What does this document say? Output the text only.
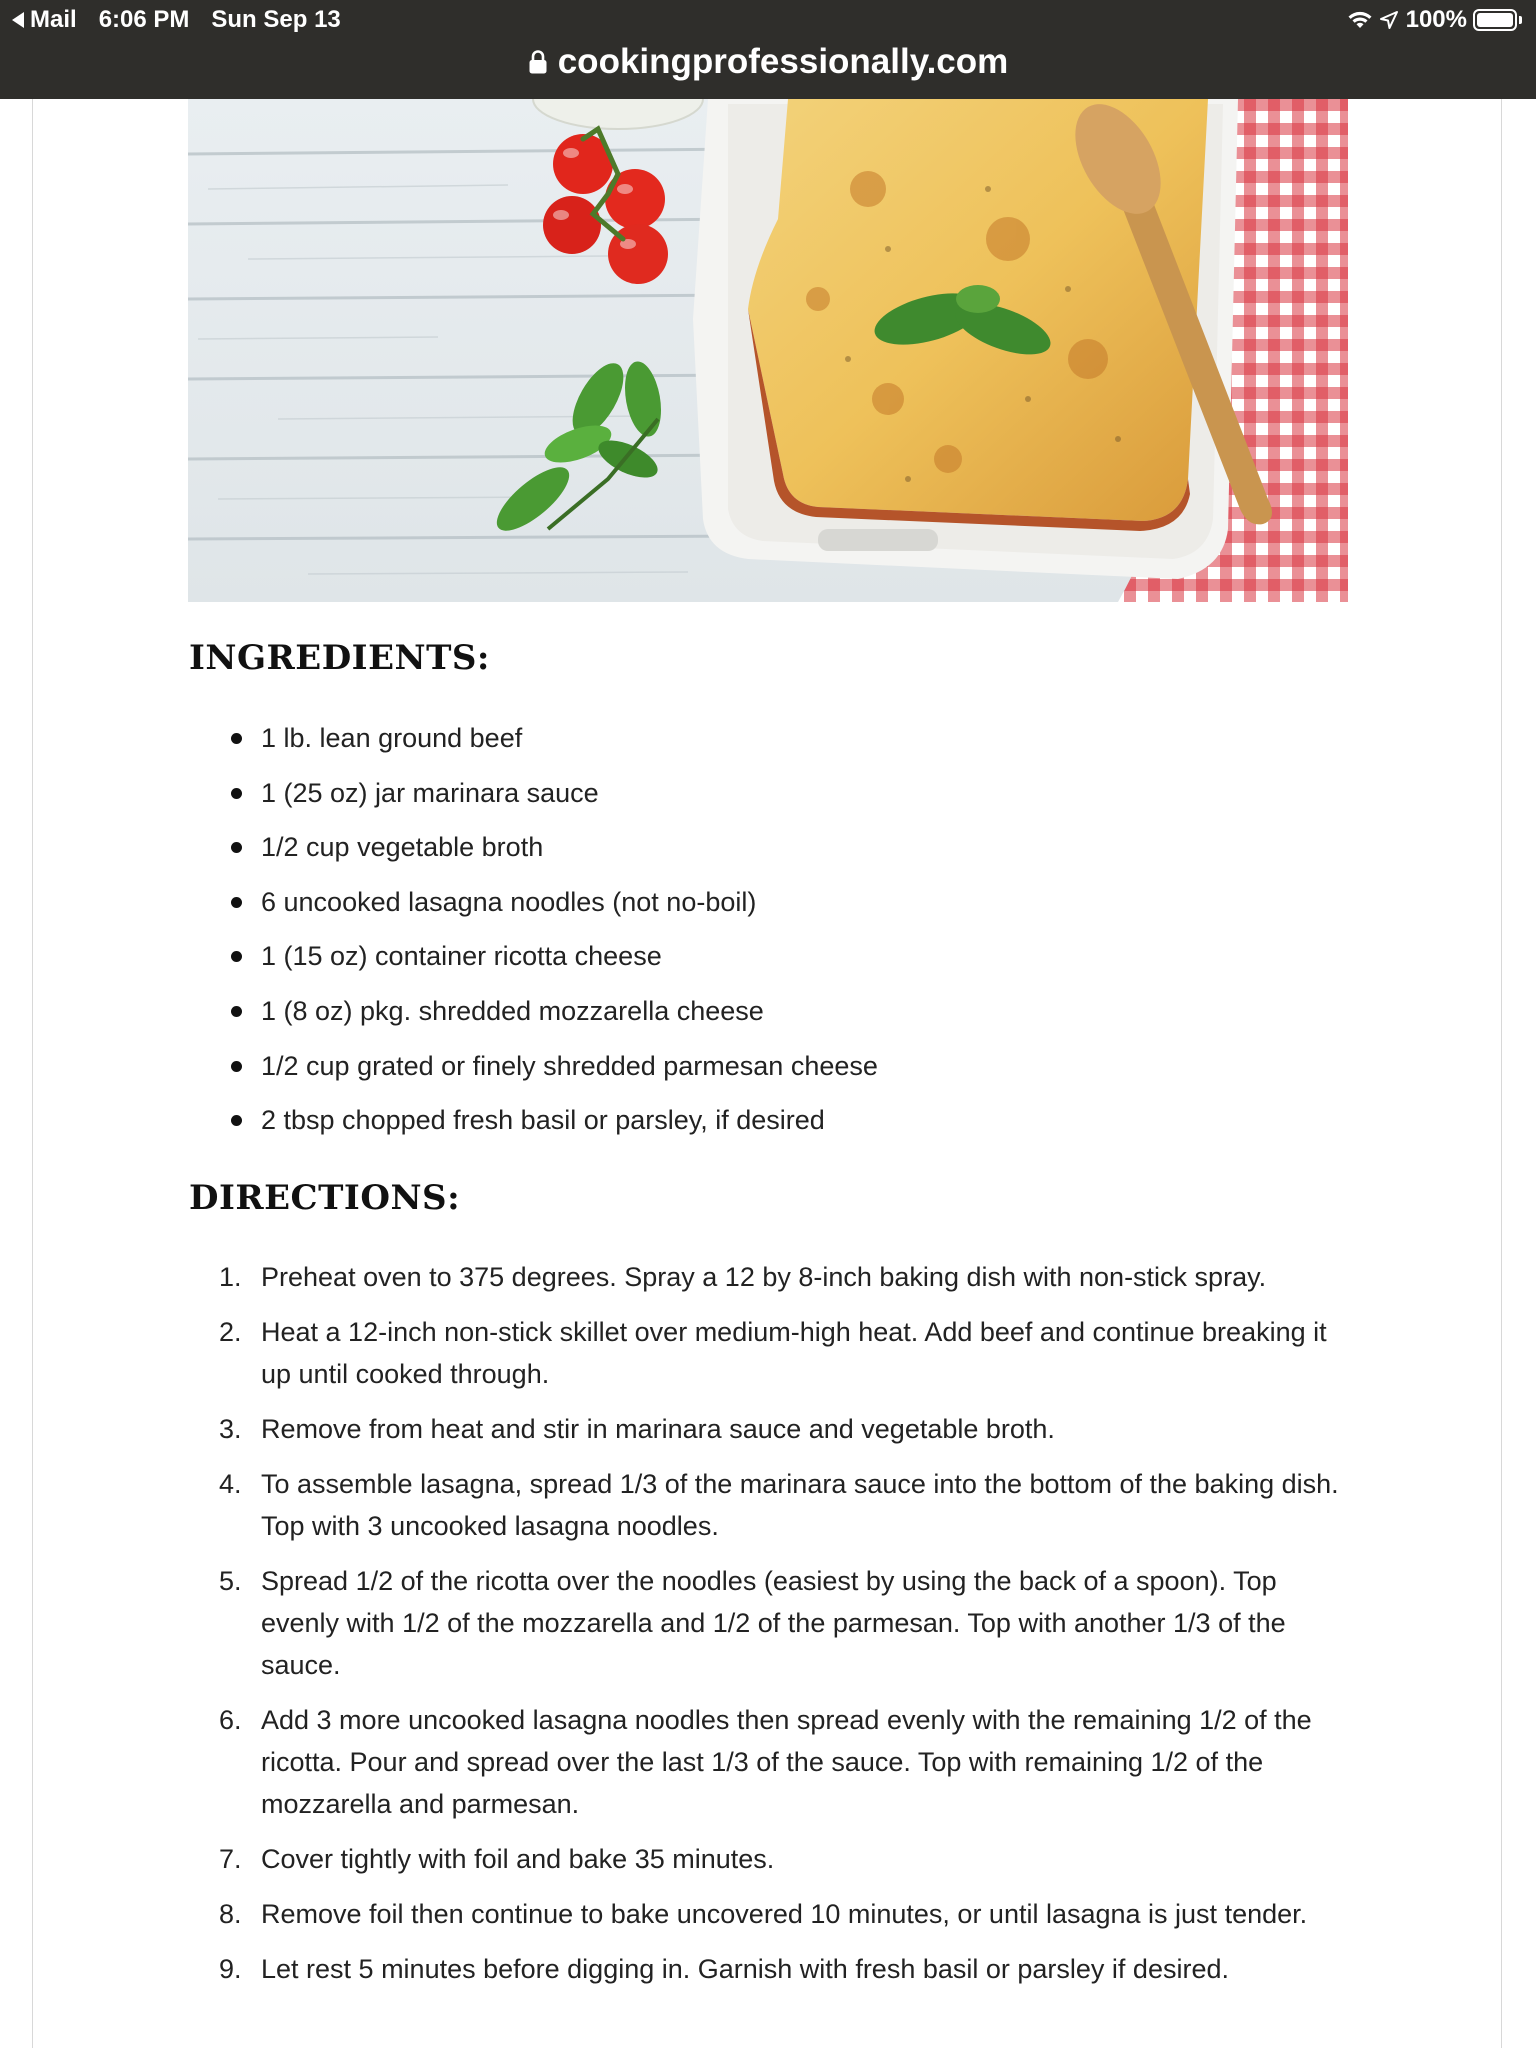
Mail 6:06 PM Sun Sep 13	100%
cookingprofessionally.com
INGREDIENTS:
1 lb. lean ground beef
1 (25 oz) jar marinara sauce
1/2 cup vegetable broth
6 uncooked lasagna noodles (not no-boil)
1 (15 oz) container ricotta cheese
1 (8 oz) pkg. shredded mozzarella cheese
1/2 cup grated or finely shredded parmesan cheese
2 tbsp chopped fresh basil or parsley, if desired
DIRECTIONS:
1. Preheat oven to 375 degrees. Spray a 12 by 8-inch baking dish with non-stick spray.
2. Heat a 12-inch non-stick skillet over medium-high heat. Add beef and continue breaking it up until cooked through.
3. Remove from heat and stir in marinara sauce and vegetable broth.
4. To assemble lasagna, spread 1/3 of the marinara sauce into the bottom of the baking dish. Top with 3 uncooked lasagna noodles.
5. Spread 1/2 of the ricotta over the noodles (easiest by using the back of a spoon). Top evenly with 1/2 of the mozzarella and 1/2 of the parmesan. Top with another 1/3 of the sauce.
6. Add 3 more uncooked lasagna noodles then spread evenly with the remaining 1/2 of the ricotta. Pour and spread over the last 1/3 of the sauce. Top with remaining 1/2 of the mozzarella and parmesan.
7. Cover tightly with foil and bake 35 minutes.
8. Remove foil then continue to bake uncovered 10 minutes, or until lasagna is just tender.
9. Let rest 5 minutes before digging in. Garnish with fresh basil or parsley if desired.
